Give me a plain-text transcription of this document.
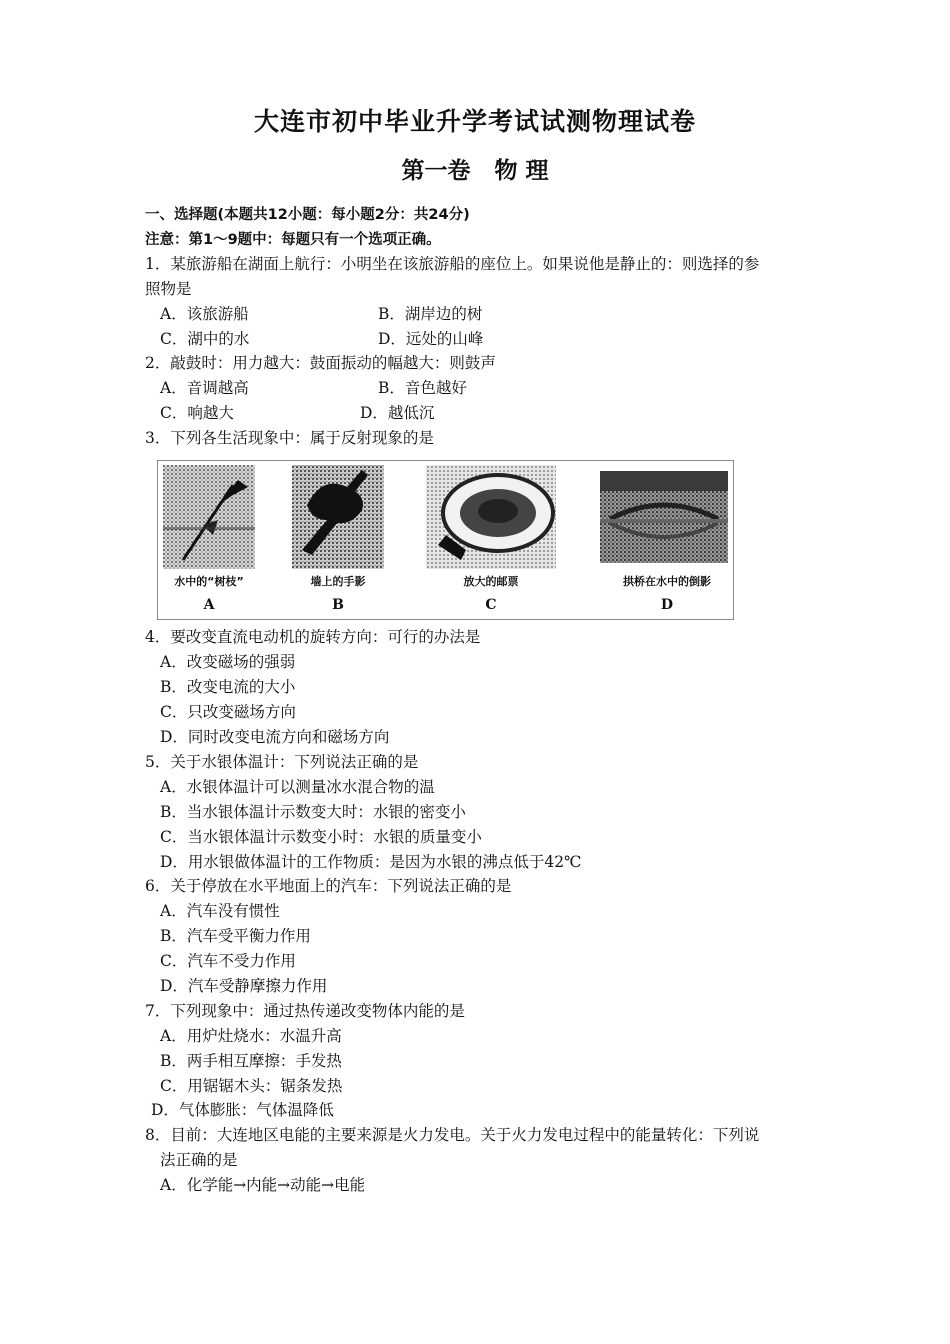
大连市初中毕业升学考试试测物理试卷
第一卷   物 理
一、选择题(本题共12小题：每小题2分：共24分)
注意：第1～9题中：每题只有一个选项正确。
1．某旅游船在湖面上航行：小明坐在该旅游船的座位上。如果说他是静止的：则选择的参
照物是
A．该旅游船	B．湖岸边的树
C．湖中的水	D．远处的山峰
2．敲鼓时：用力越大：鼓面振动的幅越大：则鼓声
A．音调越高	B．音色越好
C．响越大	D．越低沉
3．下列各生活现象中：属于反射现象的是
水中的“树枝”
A
墙上的手影
B
放大的邮票
C
拱桥在水中的倒影
D
4．要改变直流电动机的旋转方向：可行的办法是
A．改变磁场的强弱
B．改变电流的大小
C．只改变磁场方向
D．同时改变电流方向和磁场方向
5．关于水银体温计：下列说法正确的是
A．水银体温计可以测量冰水混合物的温
B．当水银体温计示数变大时：水银的密变小
C．当水银体温计示数变小时：水银的质量变小
D．用水银做体温计的工作物质：是因为水银的沸点低于42℃
6．关于停放在水平地面上的汽车：下列说法正确的是
A．汽车没有惯性
B．汽车受平衡力作用
C．汽车不受力作用
D．汽车受静摩擦力作用
7．下列现象中：通过热传递改变物体内能的是
A．用炉灶烧水：水温升高
B．两手相互摩擦：手发热
C．用锯锯木头：锯条发热
D．气体膨胀：气体温降低
8．目前：大连地区电能的主要来源是火力发电。关于火力发电过程中的能量转化：下列说
法正确的是
A．化学能→内能→动能→电能
